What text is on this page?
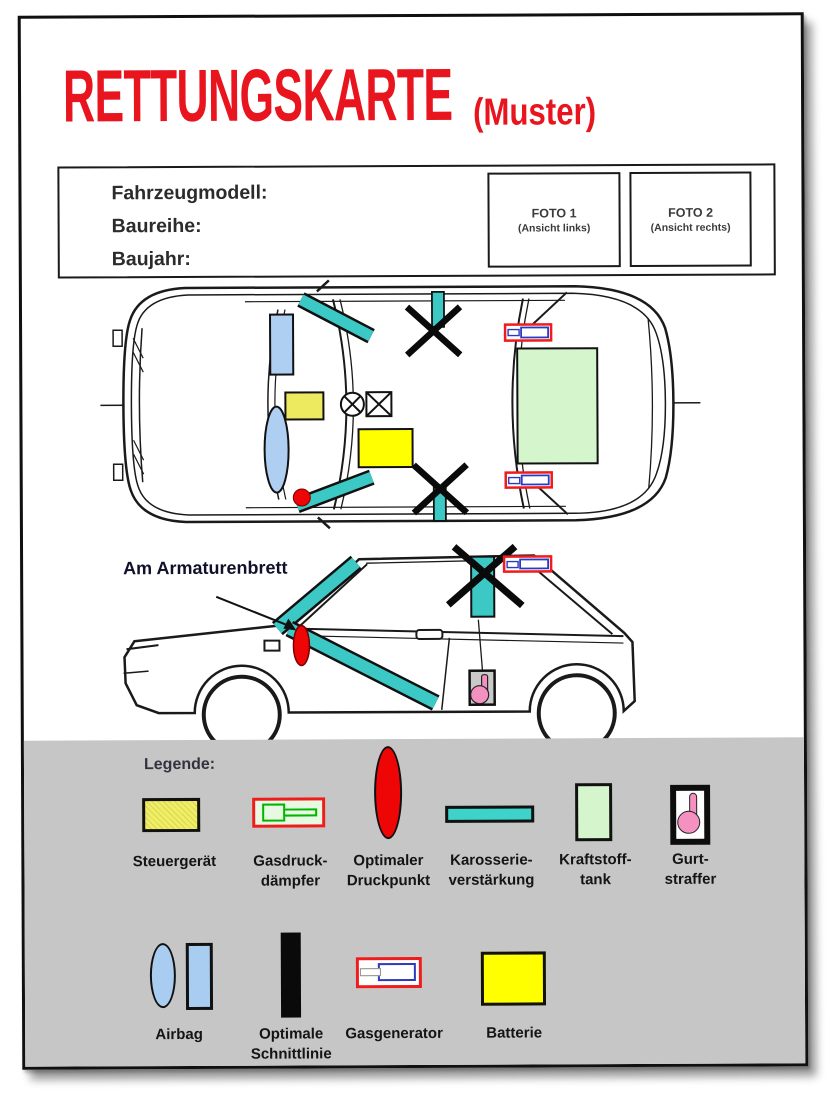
RETTUNGSKARTE (Muster)
Fahrzeugmodell:
Baureihe:
Baujahr:
FOTO 1
(Ansicht links)
FOTO 2
(Ansicht rechts)
Am Armaturenbrett
Legende:
Steuergerät	Gasdruck-
dämpfer
Optimaler
Druckpunkt
Karosserie-
verstärkung
Kraftstoff-
tank
Gurt-
straffer
Airbag	Optimale
Schnittlinie
Gasgenerator	Batterie
